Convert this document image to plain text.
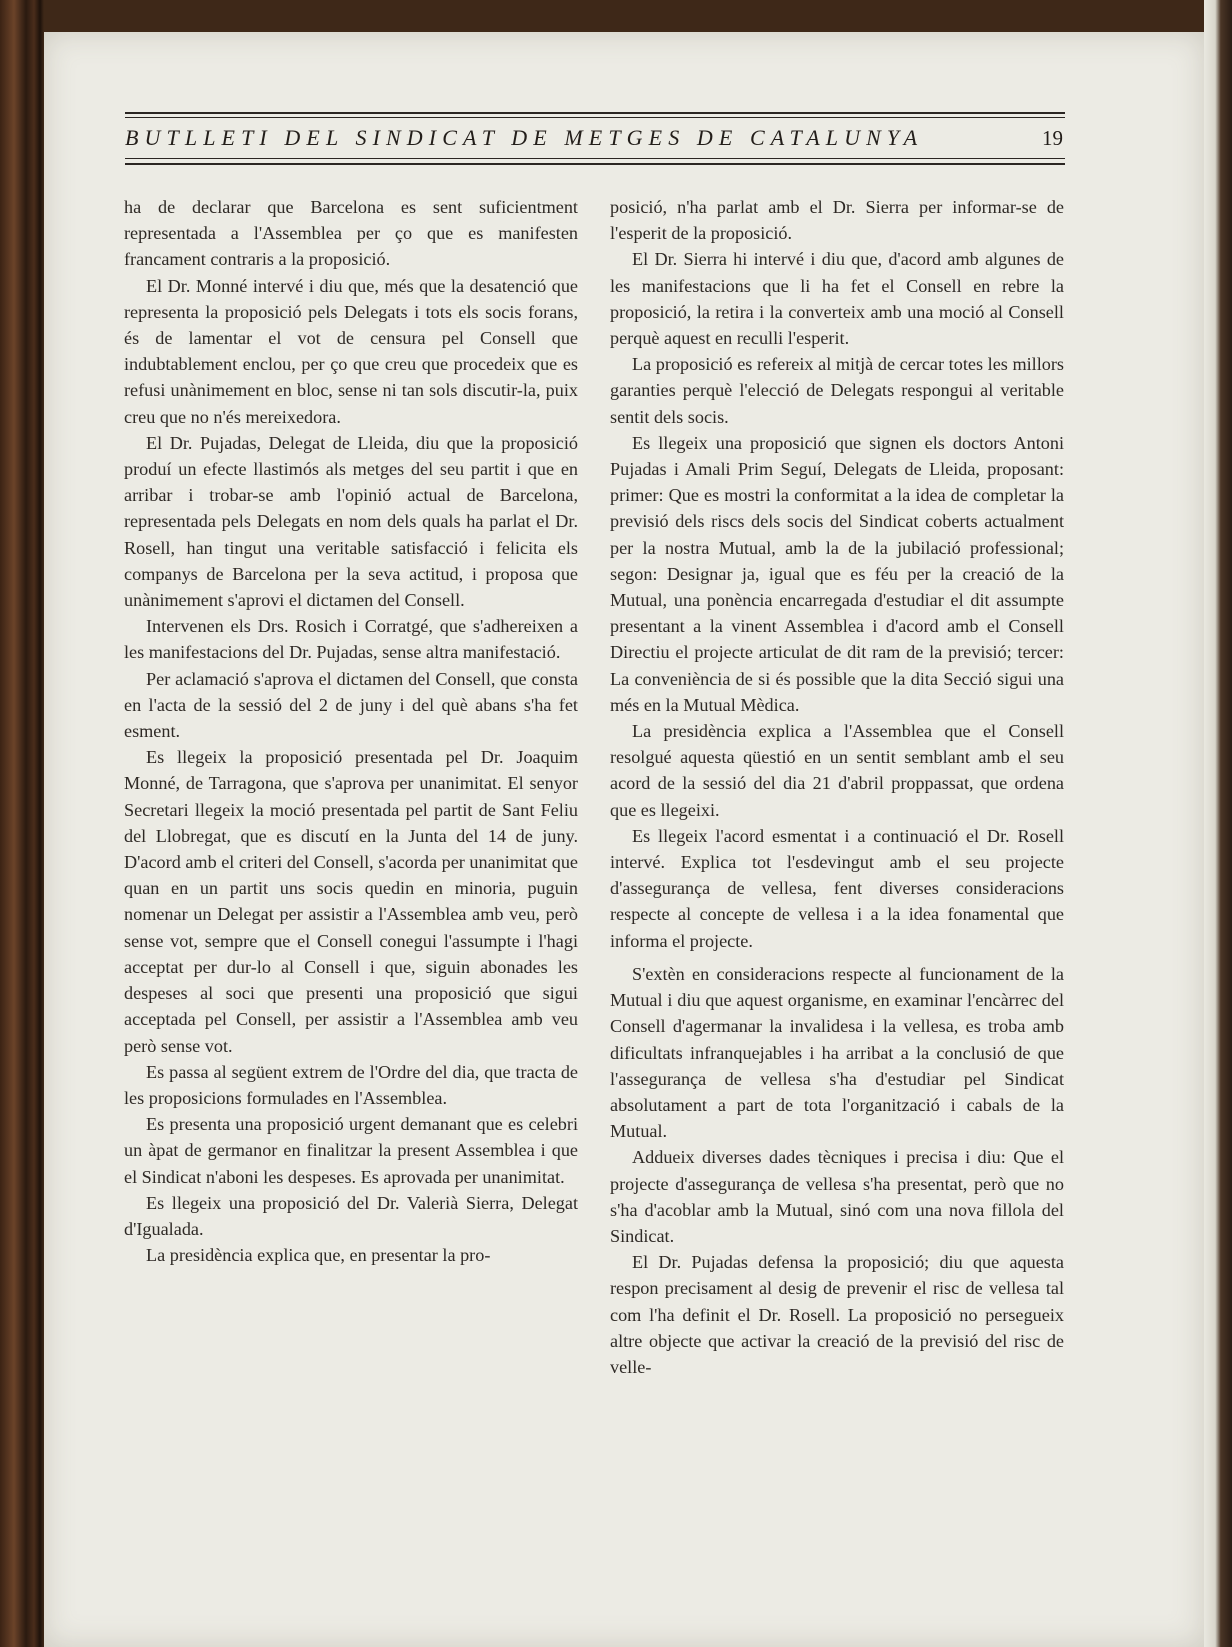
BUTLLETI DEL SINDICAT DE METGES DE CATALUNYA	19

ha de declarar que Barcelona es sent suficientment representada a l'Assemblea per ço que es manifesten francament contraris a la proposició.

El Dr. Monné intervé i diu que, més que la desatenció que representa la proposició pels Delegats i tots els socis forans, és de lamentar el vot de censura pel Consell que indubtablement enclou, per ço que creu que procedeix que es refusi unànimement en bloc, sense ni tan sols discutir-la, puix creu que no n'és mereixedora.

El Dr. Pujadas, Delegat de Lleida, diu que la proposició produí un efecte llastimós als metges del seu partit i que en arribar i trobar-se amb l'opinió actual de Barcelona, representada pels Delegats en nom dels quals ha parlat el Dr. Rosell, han tingut una veritable satisfacció i felicita els companys de Barcelona per la seva actitud, i proposa que unànimement s'aprovi el dictamen del Consell.

Intervenen els Drs. Rosich i Corratgé, que s'adhereixen a les manifestacions del Dr. Pujadas, sense altra manifestació.

Per aclamació s'aprova el dictamen del Consell, que consta en l'acta de la sessió del 2 de juny i del què abans s'ha fet esment.

Es llegeix la proposició presentada pel Dr. Joaquim Monné, de Tarragona, que s'aprova per unanimitat. El senyor Secretari llegeix la moció presentada pel partit de Sant Feliu del Llobregat, que es discutí en la Junta del 14 de juny. D'acord amb el criteri del Consell, s'acorda per unanimitat que quan en un partit uns socis quedin en minoria, puguin nomenar un Delegat per assistir a l'Assemblea amb veu, però sense vot, sempre que el Consell conegui l'assumpte i l'hagi acceptat per dur-lo al Consell i que, siguin abonades les despeses al soci que presenti una proposició que sigui acceptada pel Consell, per assistir a l'Assemblea amb veu però sense vot.

Es passa al següent extrem de l'Ordre del dia, que tracta de les proposicions formulades en l'Assemblea.

Es presenta una proposició urgent demanant que es celebri un àpat de germanor en finalitzar la present Assemblea i que el Sindicat n'aboni les despeses. Es aprovada per unanimitat.

Es llegeix una proposició del Dr. Valerià Sierra, Delegat d'Igualada.

La presidència explica que, en presentar la pro-

posició, n'ha parlat amb el Dr. Sierra per informar-se de l'esperit de la proposició.

El Dr. Sierra hi intervé i diu que, d'acord amb algunes de les manifestacions que li ha fet el Consell en rebre la proposició, la retira i la converteix amb una moció al Consell perquè aquest en reculli l'esperit.

La proposició es refereix al mitjà de cercar totes les millors garanties perquè l'elecció de Delegats respongui al veritable sentit dels socis.

Es llegeix una proposició que signen els doctors Antoni Pujadas i Amali Prim Seguí, Delegats de Lleida, proposant: primer: Que es mostri la conformitat a la idea de completar la previsió dels riscs dels socis del Sindicat coberts actualment per la nostra Mutual, amb la de la jubilació professional; segon: Designar ja, igual que es féu per la creació de la Mutual, una ponència encarregada d'estudiar el dit assumpte presentant a la vinent Assemblea i d'acord amb el Consell Directiu el projecte articulat de dit ram de la previsió; tercer: La conveniència de si és possible que la dita Secció sigui una més en la Mutual Mèdica.

La presidència explica a l'Assemblea que el Consell resolgué aquesta qüestió en un sentit semblant amb el seu acord de la sessió del dia 21 d'abril proppassat, que ordena que es llegeixi.

Es llegeix l'acord esmentat i a continuació el Dr. Rosell intervé. Explica tot l'esdevingut amb el seu projecte d'assegurança de vellesa, fent diverses consideracions respecte al concepte de vellesa i a la idea fonamental que informa el projecte.

S'extèn en consideracions respecte al funcionament de la Mutual i diu que aquest organisme, en examinar l'encàrrec del Consell d'agermanar la invalidesa i la vellesa, es troba amb dificultats infranquejables i ha arribat a la conclusió de que l'assegurança de vellesa s'ha d'estudiar pel Sindicat absolutament a part de tota l'organització i cabals de la Mutual.

Addueix diverses dades tècniques i precisa i diu: Que el projecte d'assegurança de vellesa s'ha presentat, però que no s'ha d'acoblar amb la Mutual, sinó com una nova fillola del Sindicat.

El Dr. Pujadas defensa la proposició; diu que aquesta respon precisament al desig de prevenir el risc de vellesa tal com l'ha definit el Dr. Rosell. La proposició no persegueix altre objecte que activar la creació de la previsió del risc de velle-
